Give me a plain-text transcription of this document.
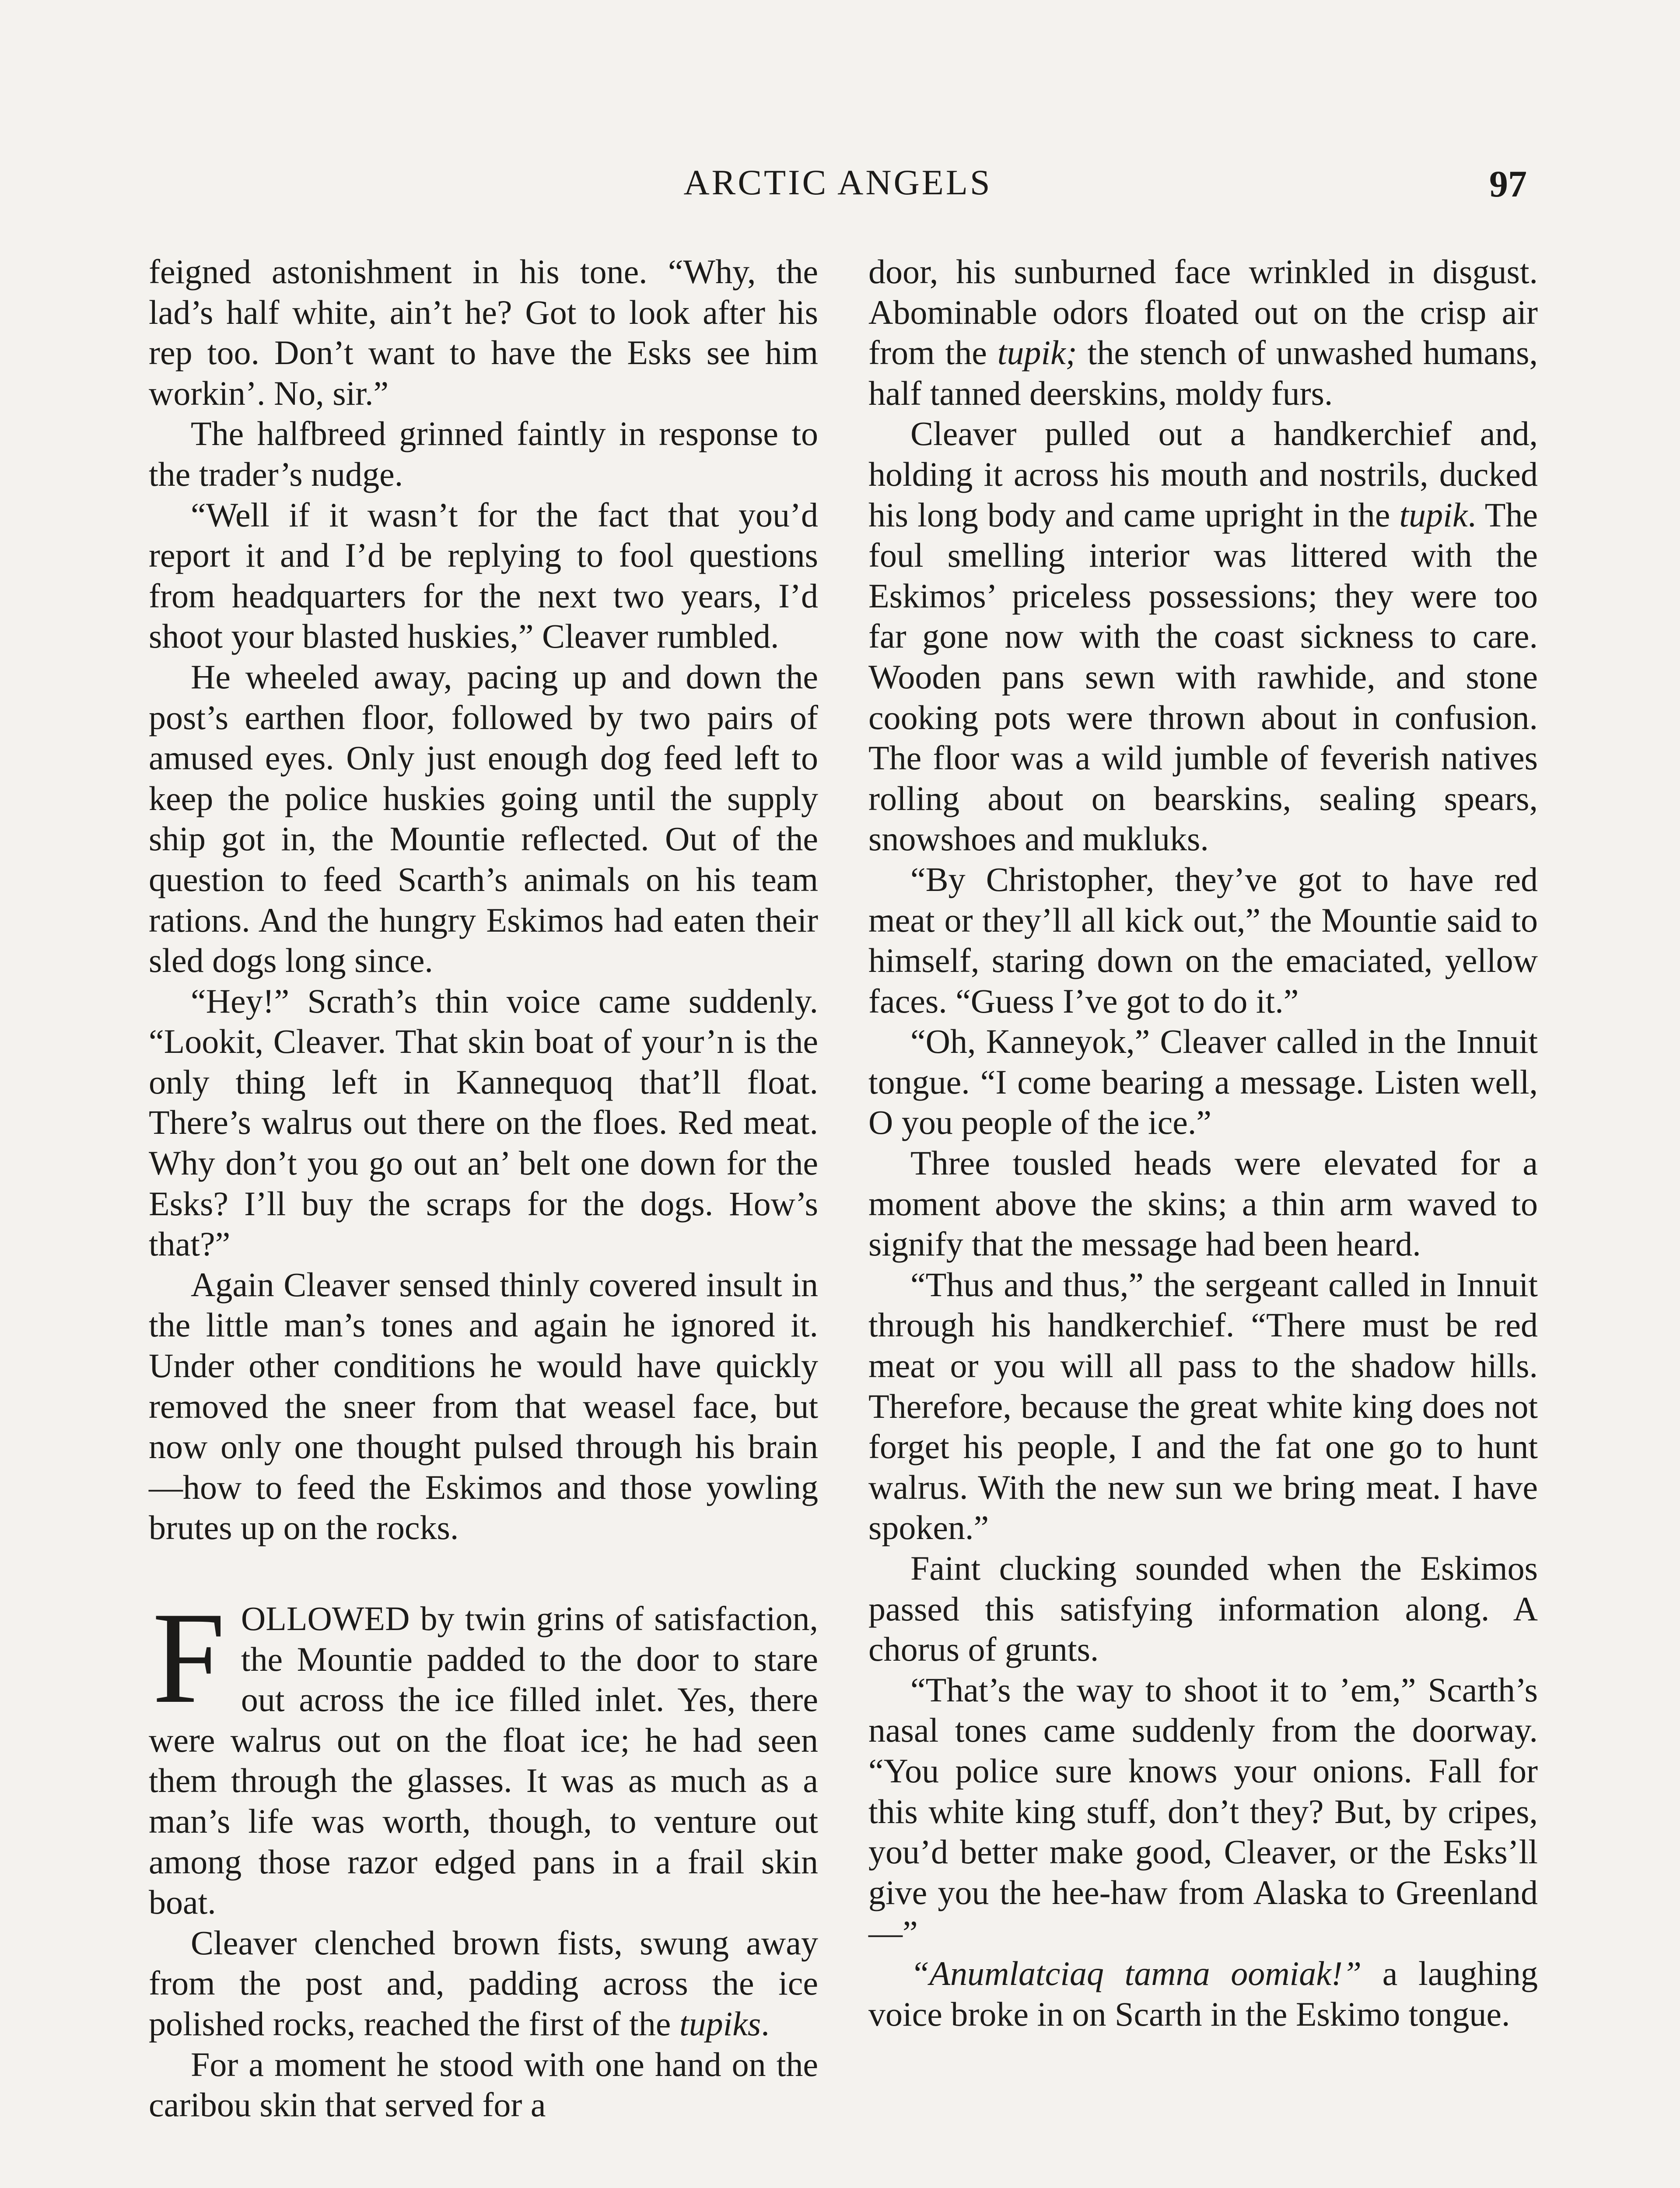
ARCTIC ANGELS	97

feigned astonishment in his tone. “Why, the lad’s half white, ain’t he? Got to look after his rep too. Don’t want to have the Esks see him workin’. No, sir.”

The halfbreed grinned faintly in response to the trader’s nudge.

“Well if it wasn’t for the fact that you’d report it and I’d be replying to fool questions from headquarters for the next two years, I’d shoot your blasted huskies,” Cleaver rumbled.

He wheeled away, pacing up and down the post’s earthen floor, followed by two pairs of amused eyes. Only just enough dog feed left to keep the police huskies going until the supply ship got in, the Mountie reflected. Out of the question to feed Scarth’s animals on his team rations. And the hungry Eskimos had eaten their sled dogs long since.

“Hey!” Scrath’s thin voice came suddenly. “Lookit, Cleaver. That skin boat of your’n is the only thing left in Kannequoq that’ll float. There’s walrus out there on the floes. Red meat. Why don’t you go out an’ belt one down for the Esks? I’ll buy the scraps for the dogs. How’s that?”

Again Cleaver sensed thinly covered insult in the little man’s tones and again he ignored it. Under other conditions he would have quickly removed the sneer from that weasel face, but now only one thought pulsed through his brain—how to feed the Eskimos and those yowling brutes up on the rocks.

FOLLOWED by twin grins of satisfaction, the Mountie padded to the door to stare out across the ice filled inlet. Yes, there were walrus out on the float ice; he had seen them through the glasses. It was as much as a man’s life was worth, though, to venture out among those razor edged pans in a frail skin boat.

Cleaver clenched brown fists, swung away from the post and, padding across the ice polished rocks, reached the first of the tupiks.

For a moment he stood with one hand on the caribou skin that served for a

door, his sunburned face wrinkled in disgust. Abominable odors floated out on the crisp air from the tupik; the stench of unwashed humans, half tanned deerskins, moldy furs.

Cleaver pulled out a handkerchief and, holding it across his mouth and nostrils, ducked his long body and came upright in the tupik. The foul smelling interior was littered with the Eskimos’ priceless possessions; they were too far gone now with the coast sickness to care. Wooden pans sewn with rawhide, and stone cooking pots were thrown about in confusion. The floor was a wild jumble of feverish natives rolling about on bearskins, sealing spears, snowshoes and mukluks.

“By Christopher, they’ve got to have red meat or they’ll all kick out,” the Mountie said to himself, staring down on the emaciated, yellow faces. “Guess I’ve got to do it.”

“Oh, Kanneyok,” Cleaver called in the Innuit tongue. “I come bearing a message. Listen well, O you people of the ice.”

Three tousled heads were elevated for a moment above the skins; a thin arm waved to signify that the message had been heard.

“Thus and thus,” the sergeant called in Innuit through his handkerchief. “There must be red meat or you will all pass to the shadow hills. Therefore, because the great white king does not forget his people, I and the fat one go to hunt walrus. With the new sun we bring meat. I have spoken.”

Faint clucking sounded when the Eskimos passed this satisfying information along. A chorus of grunts.

“That’s the way to shoot it to ’em,” Scarth’s nasal tones came suddenly from the doorway. “You police sure knows your onions. Fall for this white king stuff, don’t they? But, by cripes, you’d better make good, Cleaver, or the Esks’ll give you the hee-haw from Alaska to Greenland—”

“Anumlatciaq tamna oomiak!” a laughing voice broke in on Scarth in the Eskimo tongue.
